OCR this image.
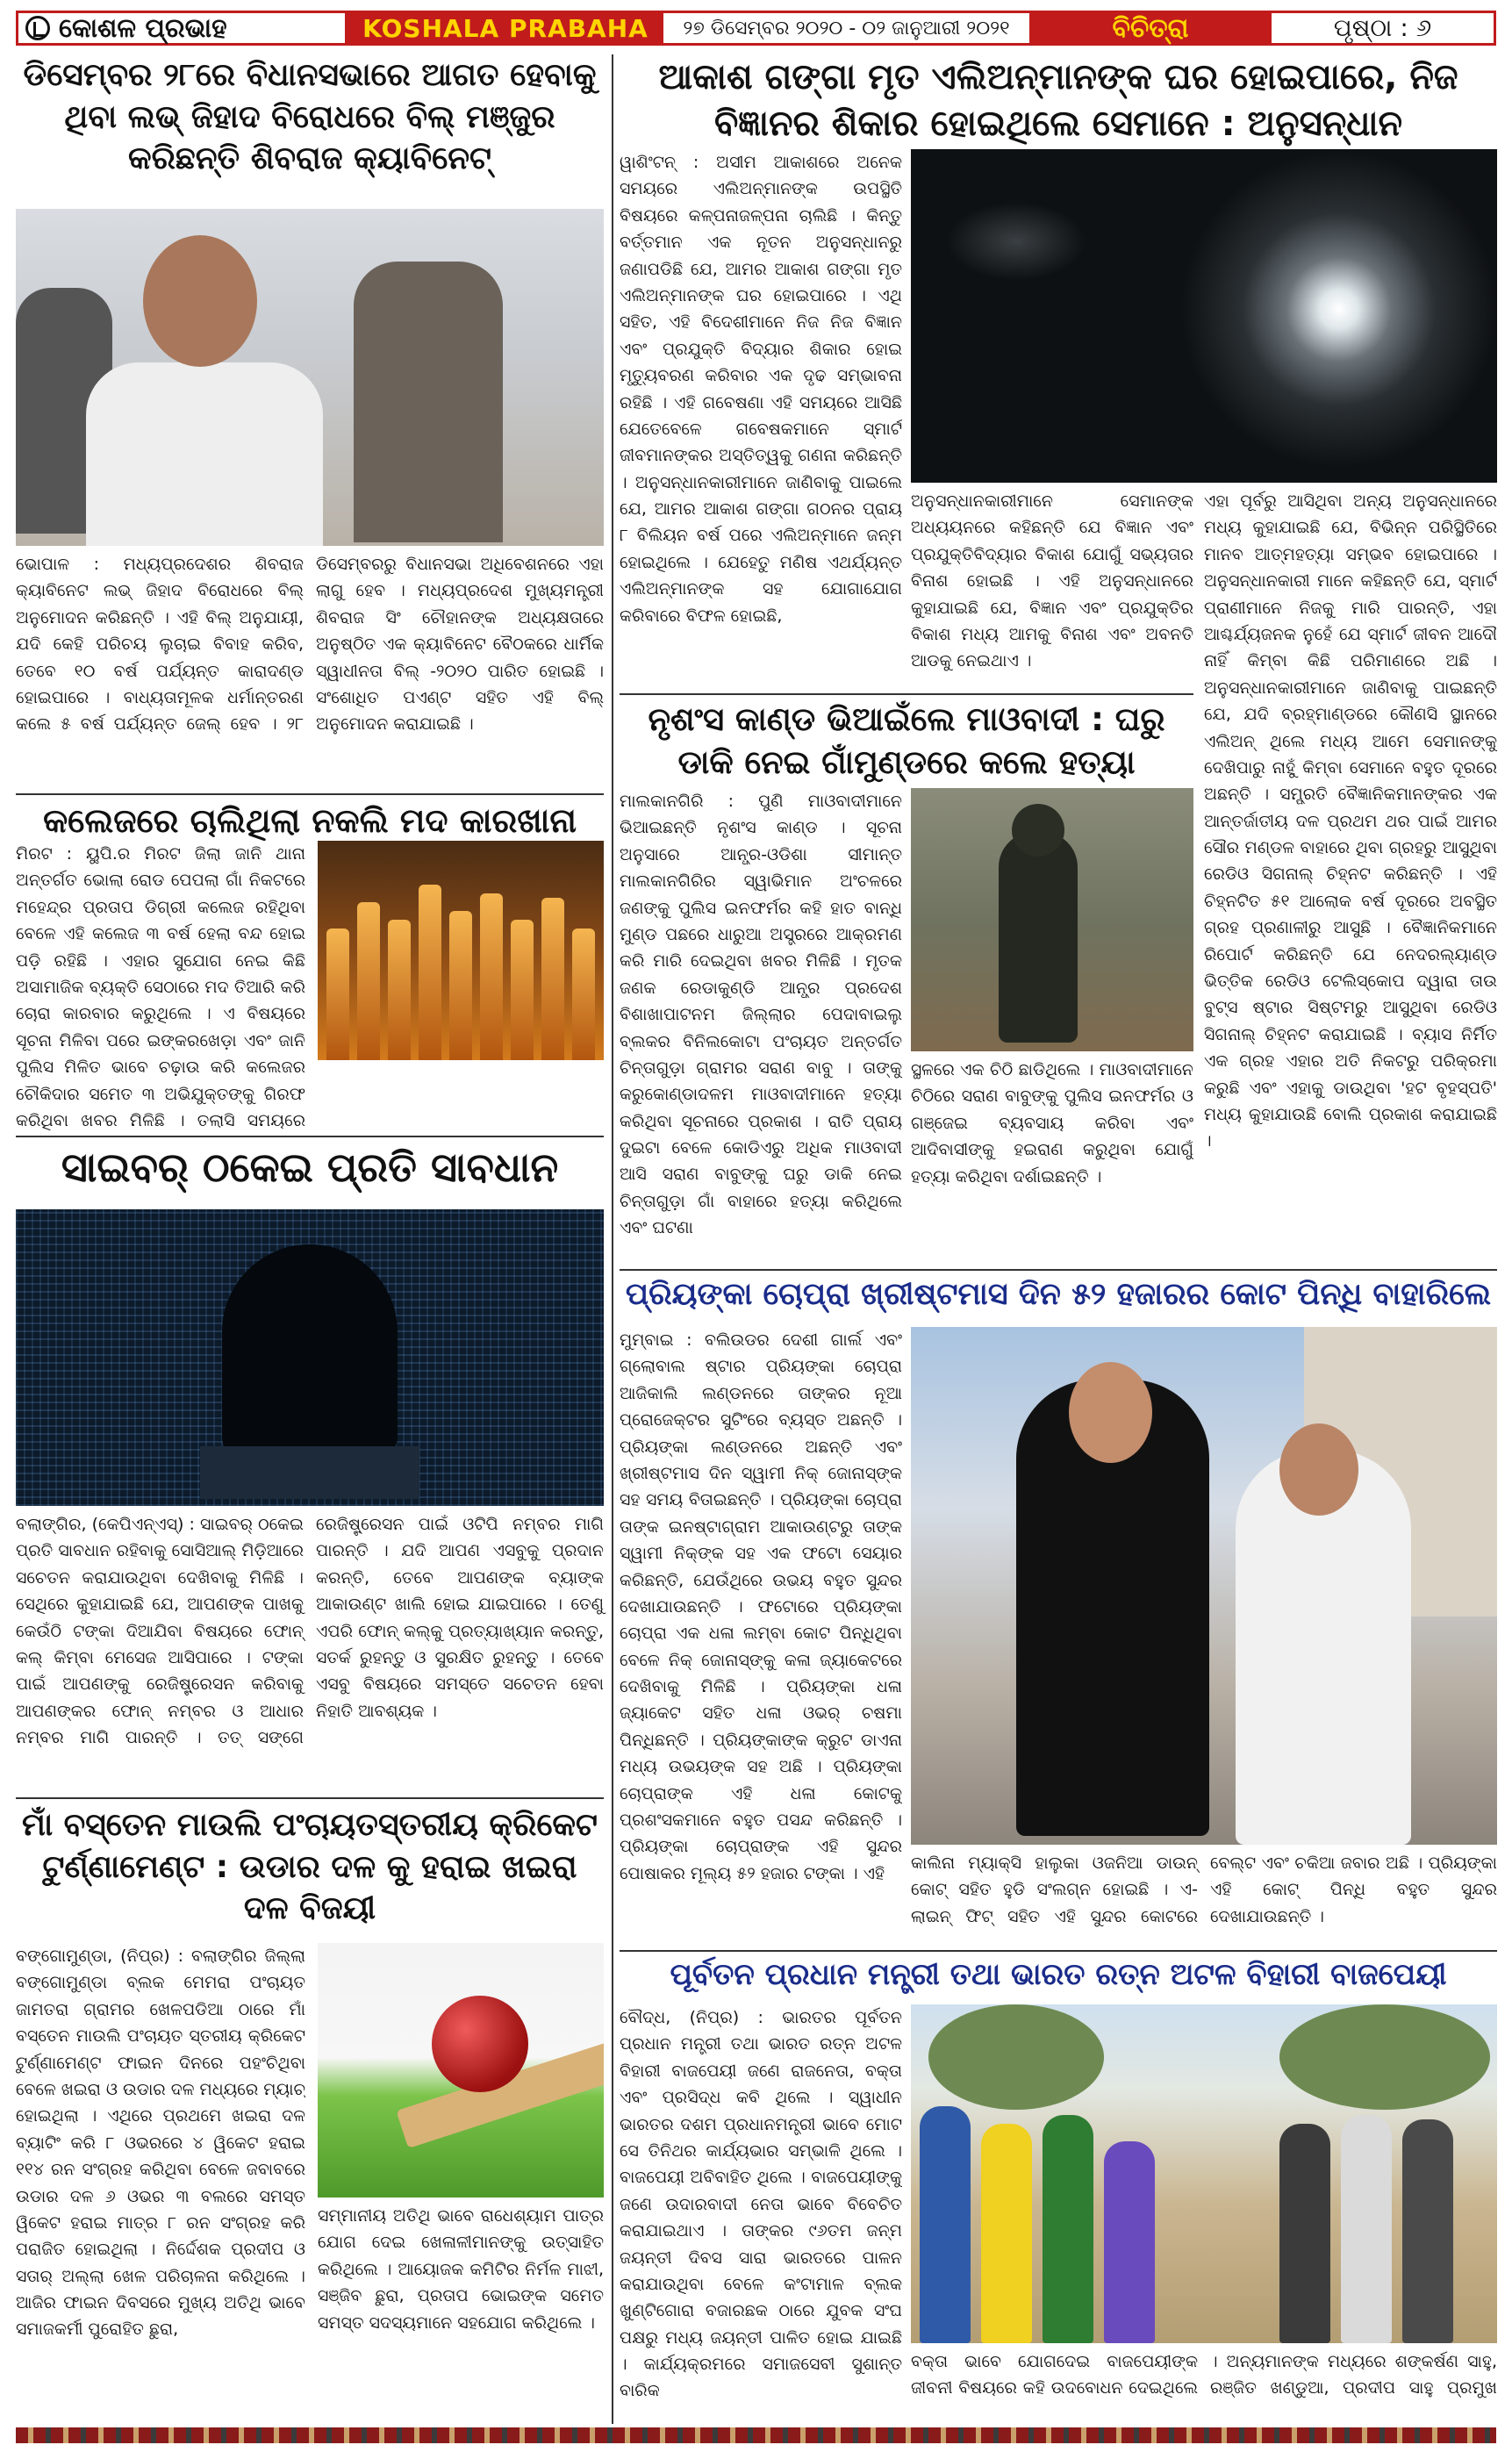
କୋଶଳ ପ୍ରଭାହ	KOSHALA PRABAHA	୨୭ ଡିସେମ୍ବର ୨୦୨୦ - ୦୨ ଜାନୁଆରୀ ୨୦୨୧	ବିଚିତ୍ରା	ପୃଷ୍ଠା : ୬
ଡିସେମ୍ବର ୨୮ରେ ବିଧାନସଭାରେ ଆଗତ ହେବାକୁ ଥିବା ଲଭ୍ ଜିହାଦ ବିରୋଧରେ ବିଲ୍ ମଞ୍ଜୁର କରିଛନ୍ତି ଶିବରାଜ କ୍ୟାବିନେଟ୍
ଭୋପାଳ : ମଧ୍ୟପ୍ରଦେଶର ଶିବରାଜ କ୍ୟାବିନେଟ ଲଭ୍ ଜିହାଦ ବିରୋଧରେ ବିଲ୍ ଅନୁମୋଦନ କରିଛନ୍ତି । ଏହି ବିଲ୍ ଅନୁଯାୟୀ, ଯଦି କେହି ପରିଚୟ ଲୁଚାଇ ବିବାହ କରିବ, ତେବେ ୧୦ ବର୍ଷ ପର୍ଯ୍ୟନ୍ତ କାରାଦଣ୍ଡ ହୋଇପାରେ । ବାଧ୍ୟତାମୂଳକ ଧର୍ମାନ୍ତରଣ କଲେ ୫ ବର୍ଷ ପର୍ଯ୍ୟନ୍ତ ଜେଲ୍ ହେବ । ୨୮ ଡିସେମ୍ବରରୁ ବିଧାନସଭା ଅଧିବେଶନରେ ଏହା ଲାଗୁ ହେବ । ମଧ୍ୟପ୍ରଦେଶ ମୁଖ୍ୟମନ୍ତ୍ରୀ ଶିବରାଜ ସିଂ ଚୌହାନଙ୍କ ଅଧ୍ୟକ୍ଷତାରେ ଅନୁଷ୍ଠିତ ଏକ କ୍ୟାବିନେଟ ବୈଠକରେ ଧାର୍ମିକ ସ୍ୱାଧୀନତା ବିଲ୍ -୨୦୨୦ ପାରିତ ହୋଇଛି । ସଂଶୋଧିତ ପଏଣ୍ଟ ସହିତ ଏହି ବିଲ୍ ଅନୁମୋଦନ କରାଯାଇଛି ।
କଲେଜରେ ଚାଲିଥିଲା ନକଲି ମଦ କାରଖାନା
ମିରଟ : ୟୁପି.ର ମିରଟ ଜିଲା ଜାନି ଥାନା ଅନ୍ତର୍ଗତ ଭୋଲା ରୋଡ ପେପଲା ଗାଁ ନିକଟରେ ମହେନ୍ଦ୍ର ପ୍ରତାପ ଡିଗ୍ରୀ କଲେଜ ରହିଥିବା ବେଳେ ଏହି କଲେଜ ୩ ବର୍ଷ ହେଲା ବନ୍ଦ ହୋଇ ପଡ଼ି ରହିଛି । ଏହାର ସୁଯୋଗ ନେଇ କିଛି ଅସାମାଜିକ ବ୍ୟକ୍ତି ସେଠାରେ ମଦ ତିଆରି କରି ଚୋରା କାରବାର କରୁଥିଲେ । ଏ ବିଷୟରେ ସୂଚନା ମିଳିବା ପରେ ଇଙ୍କରଖେଡ଼ା ଏବଂ ଜାନି ପୁଲିସ ମିଳିତ ଭାବେ ଚଢ଼ାଉ କରି କଲେଜର ଚୌକିଦାର ସମେତ ୩ ଅଭିଯୁକ୍ତଙ୍କୁ ଗିରଫ କରିଥିବା ଖବର ମିଳିଛି । ତଲାସି ସମୟରେ
ସାଇବର୍ ଠକେଇ ପ୍ରତି ସାବଧାନ
ବଲାଙ୍ଗିର, (କେପିଏନ୍‌ଏସ୍) : ସାଇବର୍ ଠକେଇ ପ୍ରତି ସାବଧାନ ରହିବାକୁ ସୋସିଆଲ୍ ମିଡ଼ିଆରେ ସଚେତନ କରାଯାଉଥିବା ଦେଖିବାକୁ ମିଳିଛି । ସେଥିରେ କୁହାଯାଇଛି ଯେ, ଆପଣଙ୍କ ପାଖକୁ କେଉଁଠି ଟଙ୍କା ଦିଆଯିବା ବିଷୟରେ ଫୋନ୍ କଲ୍ କିମ୍ବା ମେସେଜ ଆସିପାରେ । ଟଙ୍କା ପାଇଁ ଆପଣଙ୍କୁ ରେଜିଷ୍ଟ୍ରେସନ କରିବାକୁ ଆପଣଙ୍କର ଫୋନ୍ ନମ୍ବର ଓ ଆଧାର ନମ୍ବର ମାଗି ପାରନ୍ତି । ତତ୍ ସଙ୍ଗେ ରେଜିଷ୍ଟ୍ରେସନ ପାଇଁ ଓଟିପି ନମ୍ବର ମାଗି ପାରନ୍ତି । ଯଦି ଆପଣ ଏସବୁକୁ ପ୍ରଦାନ କରନ୍ତି, ତେବେ ଆପଣଙ୍କ ବ୍ୟାଙ୍କ ଆକାଉଣ୍ଟ ଖାଲି ହୋଇ ଯାଇପାରେ । ତେଣୁ ଏପରି ଫୋନ୍ କଲ୍‌କୁ ପ୍ରତ୍ୟାଖ୍ୟାନ କରନ୍ତୁ, ସତର୍କ ରୁହନ୍ତୁ ଓ ସୁରକ୍ଷିତ ରୁହନ୍ତୁ । ତେବେ ଏସବୁ ବିଷୟରେ ସମସ୍ତେ ସଚେତନ ହେବା ନିହାତି ଆବଶ୍ୟକ ।
ମାଁ ବସ୍ତେନ ମାଉଲି ପଂଚାୟତସ୍ତରୀୟ କ୍ରିକେଟ ଟୁର୍ଣ୍ଣାମେଣ୍ଟ : ଉଡାର ଦଳ କୁ ହରାଇ ଖଇରା ଦଳ ବିଜୟୀ
ବଙ୍ଗୋମୁଣ୍ଡା, (ନିପ୍ର) : ବଲାଙ୍ଗିର ଜିଲ୍ଲା ବଙ୍ଗୋମୁଣ୍ଡା ବ୍ଲକ ମେମରା ପଂଚାୟତ ଜାମତରା ଗ୍ରାମର ଖେଳପଡିଆ ଠାରେ ମାଁ ବସ୍ତେନ ମାଉଲି ପଂଚାୟତ ସ୍ତରୀୟ କ୍ରିକେଟ ଟୁର୍ଣ୍ଣାମେଣ୍ଟ ଫାଇନ ଦିନରେ ପହଂଚିଥିବା ବେଳେ ଖଇରା ଓ ଉଡାର ଦଳ ମଧ୍ୟରେ ମ୍ୟାଚ୍ ହୋଇଥିଲା । ଏଥିରେ ପ୍ରଥମେ ଖଇରା ଦଳ ବ୍ୟାଟିଂ କରି ୮ ଓଭରରେ ୪ ୱିକେଟ ହରାଇ ୧୧୪ ରନ ସଂଗ୍ରହ କରିଥିବା ବେଳେ ଜବାବରେ ଉଡାର ଦଳ ୬ ଓଭର ୩ ବଲରେ ସମସ୍ତ ୱିକେଟ ହରାଇ ମାତ୍ର ୮ ରନ ସଂଗ୍ରହ କରି ପରାଜିତ ହୋଇଥିଲା । ନିର୍ଦ୍ଦେଶକ ପ୍ରଦୀପ ଓ ସତାର୍ ଅଲ୍ଲା ଖେଳ ପରିଚାଳନା କରିଥିଲେ । ଆଜିର ଫାଇନ ଦିବସରେ ମୁଖ୍ୟ ଅତିଥି ଭାବେ ସମାଜକର୍ମୀ ପୁରୋହିତ ଛୁରା,
ସମ୍ମାନୀୟ ଅତିଥି ଭାବେ ରାଧେଶ୍ୟାମ ପାତ୍ର ଯୋଗ ଦେଇ ଖେଳାଳୀମାନଙ୍କୁ ଉତ୍ସାହିତ କରିଥିଲେ । ଆୟୋଜକ କମିଟିର ନିର୍ମଳ ମାଝୀ, ସଞ୍ଜିବ ଛୁରା, ପ୍ରତାପ ଭୋଇଙ୍କ ସମେତ ସମସ୍ତ ସଦସ୍ୟମାନେ ସହଯୋଗ କରିଥିଲେ ।
ଆକାଶ ଗଙ୍ଗା ମୃତ ଏଲିଅନ୍‌ମାନଙ୍କ ଘର ହୋଇପାରେ, ନିଜ ବିଜ୍ଞାନର ଶିକାର ହୋଇଥିଲେ ସେମାନେ : ଅନୁସନ୍ଧାନ
ୱାଶିଂଟନ୍ : ଅସୀମ ଆକାଶରେ ଅନେକ ସମୟରେ ଏଲିଅନ୍‌ମାନଙ୍କ ଉପସ୍ଥିତି ବିଷୟରେ କଳ୍ପନାଜଳ୍ପନା ଚାଲିଛି । କିନ୍ତୁ ବର୍ତ୍ତମାନ ଏକ ନୂତନ ଅନୁସନ୍ଧାନରୁ ଜଣାପଡିଛି ଯେ, ଆମର ଆକାଶ ଗଙ୍ଗା ମୃତ ଏଲିଅନ୍‌ମାନଙ୍କ ଘର ହୋଇପାରେ । ଏଥି ସହିତ, ଏହି ବିଦେଶୀମାନେ ନିଜ ନିଜ ବିଜ୍ଞାନ ଏବଂ ପ୍ରଯୁକ୍ତି ବିଦ୍ୟାର ଶିକାର ହୋଇ ମୃତ୍ୟୁବରଣ କରିବାର ଏକ ଦୃଢ ସମ୍ଭାବନା ରହିଛି । ଏହି ଗବେଷଣା ଏହି ସମୟରେ ଆସିଛି ଯେତେବେଳେ ଗବେଷକମାନେ ସ୍ମାର୍ଟ ଜୀବମାନଙ୍କର ଅସ୍ତିତ୍ୱକୁ ଗଣନା କରିଛନ୍ତି । ଅନୁସନ୍ଧାନକାରୀମାନେ ଜାଣିବାକୁ ପାଇଲେ ଯେ, ଆମର ଆକାଶ ଗଙ୍ଗା ଗଠନର ପ୍ରାୟ ୮ ବିଲିୟନ ବର୍ଷ ପରେ ଏଲିଅନ୍‌ମାନେ ଜନ୍ମ ହୋଇଥିଲେ । ଯେହେତୁ ମଣିଷ ଏଥର୍ଯ୍ୟନ୍ତ ଏଲିଅନ୍‌ମାନଙ୍କ ସହ ଯୋଗାଯୋଗ କରିବାରେ ବିଫଳ ହୋଇଛି,
ଅନୁସନ୍ଧାନକାରୀମାନେ ସେମାନଙ୍କ ଅଧ୍ୟୟନରେ କହିଛନ୍ତି ଯେ ବିଜ୍ଞାନ ଏବଂ ପ୍ରଯୁକ୍ତିବିଦ୍ୟାର ବିକାଶ ଯୋଗୁଁ ସଭ୍ୟତାର ବିନାଶ ହୋଇଛି । ଏହି ଅନୁସନ୍ଧାନରେ କୁହାଯାଇଛି ଯେ, ବିଜ୍ଞାନ ଏବଂ ପ୍ରଯୁକ୍ତିର ବିକାଶ ମଧ୍ୟ ଆମକୁ ବିନାଶ ଏବଂ ଅବନତି ଆଡକୁ ନେଇଥାଏ ।
ଏହା ପୂର୍ବରୁ ଆସିଥିବା ଅନ୍ୟ ଅନୁସନ୍ଧାନରେ ମଧ୍ୟ କୁହାଯାଇଛି ଯେ, ବିଭିନ୍ନ ପରିସ୍ଥିତିରେ ମାନବ ଆତ୍ମହତ୍ୟା ସମ୍ଭବ ହୋଇପାରେ । ଅନୁସନ୍ଧାନକାରୀ ମାନେ କହିଛନ୍ତି ଯେ, ସ୍ମାର୍ଟ ପ୍ରାଣୀମାନେ ନିଜକୁ ମାରି ପାରନ୍ତି, ଏହା ଆଶ୍ଚର୍ଯ୍ୟଜନକ ନୁହେଁ ଯେ ସ୍ମାର୍ଟ ଜୀବନ ଆଦୌ ନାହିଁ କିମ୍ବା କିଛି ପରିମାଣରେ ଅଛି । ଅନୁସନ୍ଧାନକାରୀମାନେ ଜାଣିବାକୁ ପାଇଛନ୍ତି ଯେ, ଯଦି ବ୍ରହ୍ମାଣ୍ଡରେ କୌଣସି ସ୍ଥାନରେ ଏଲିଅନ୍ ଥିଲେ ମଧ୍ୟ ଆମେ ସେମାନଙ୍କୁ ଦେଖିପାରୁ ନାହୁଁ କିମ୍ବା ସେମାନେ ବହୁତ ଦୂରରେ ଅଛନ୍ତି । ସମ୍ପ୍ରତି ବୈଜ୍ଞାନିକମାନଙ୍କର ଏକ ଆନ୍ତର୍ଜାତୀୟ ଦଳ ପ୍ରଥମ ଥର ପାଇଁ ଆମର ସୌର ମଣ୍ଡଳ ବାହାରେ ଥିବା ଗ୍ରହରୁ ଆସୁଥିବା ରେଡିଓ ସିଗନାଲ୍ ଚିହ୍ନଟ କରିଛନ୍ତି । ଏହି ଚିହ୍ନଟିତ ୫୧ ଆଲୋକ ବର୍ଷ ଦୂରରେ ଅବସ୍ଥିତ ଗ୍ରହ ପ୍ରଣାଳୀରୁ ଆସୁଛି । ବୈଜ୍ଞାନିକମାନେ ରିପୋର୍ଟ କରିଛନ୍ତି ଯେ ନେଦରଲ୍ୟାଣ୍ଡ ଭିତ୍ତିକ ରେଡିଓ ଟେଲିସ୍କୋପ ଦ୍ୱାରା ତାଉ ବୁଟ୍ସ ଷ୍ଟାର ସିଷ୍ଟମରୁ ଆସୁଥିବା ରେଡିଓ ସିଗନାଲ୍ ଚିହ୍ନଟ କରାଯାଇଛି । ବ୍ୟାସ ନିର୍ମିତ ଏକ ଗ୍ରହ ଏହାର ଅତି ନିକଟରୁ ପରିକ୍ରମା କରୁଛି ଏବଂ ଏହାକୁ ଡାଉଥିବା 'ହଟ ବୃହସ୍ପତି' ମଧ୍ୟ କୁହାଯାଉଛି ବୋଲି ପ୍ରକାଶ କରାଯାଇଛି ।
ନୃଶଂସ କାଣ୍ଡ ଭିଆଇଁଲେ ମାଓବାଦୀ : ଘରୁ ଡାକି ନେଇ ଗାଁମୁଣ୍ଡରେ କଲେ ହତ୍ୟା
ମାଲକାନଗିରି : ପୁଣି ମାଓବାଦୀମାନେ ଭିଆଇଛନ୍ତି ନୃଶଂସ କାଣ୍ଡ । ସୂଚନା ଅନୁସାରେ ଆନ୍ଧ୍ର-ଓଡିଶା ସୀମାନ୍ତ ମାଲକାନଗିରିର ସ୍ୱାଭିମାନ ଅଂଚଳରେ ଜଣଙ୍କୁ ପୁଲିସ ଇନଫର୍ମର କହି ହାତ ବାନ୍ଧି ମୁଣ୍ଡ ପଛରେ ଧାରୁଆ ଅସ୍ତ୍ରରେ ଆକ୍ରମଣ କରି ମାରି ଦେଇଥିବା ଖବର ମିଳିଛି । ମୃତକ ଜଣକ ରେଡାକୁଣ୍ଡି ଆନ୍ଧ୍ର ପ୍ରଦେଶ ବିଶାଖାପାଟନମ ଜିଲ୍ଲାର ପେଦାବାଇଲୁ ବ୍ଲକର ବିନିଲକୋଟା ପଂଚାୟତ ଅନ୍ତର୍ଗତ ଚିନ୍ତାଗୁଡ଼ା ଗ୍ରାମର ସରାଣ ବାବୁ । ତାଙ୍କୁ କରୁକୋଣ୍ଡାଦଳମ ମାଓବାଦୀମାନେ ହତ୍ୟା କରିଥିବା ସୂଚନାରେ ପ୍ରକାଶ । ରାତି ପ୍ରାୟ ଦୁଇଟା ବେଳେ କୋଡିଏରୁ ଅଧିକ ମାଓବାଦୀ ଆସି ସରାଣ ବାବୁଙ୍କୁ ଘରୁ ଡାକି ନେଇ ଚିନ୍ତାଗୁଡ଼ା ଗାଁ ବାହାରେ ହତ୍ୟା କରିଥିଲେ ଏବଂ ଘଟଣା
ସ୍ଥଳରେ ଏକ ଚିଠି ଛାଡିଥିଲେ । ମାଓବାଦୀମାନେ ଚିଠିରେ ସରାଣ ବାବୁଙ୍କୁ ପୁଲିସ ଇନଫର୍ମର ଓ ଗଞ୍ଜେଇ ବ୍ୟବସାୟ କରିବା ଏବଂ ଆଦିବାସୀଙ୍କୁ ହଇରାଣ କରୁଥିବା ଯୋଗୁଁ ହତ୍ୟା କରିଥିବା ଦର୍ଶାଇଛନ୍ତି ।
ପ୍ରିୟଙ୍କା ଚୋପ୍ରା ଖ୍ରୀଷ୍ଟମାସ ଦିନ ୫୨ ହଜାରର କୋଟ ପିନ୍ଧି ବାହାରିଲେ
ମୁମ୍ବାଇ : ବଲିଉଡର ଦେଶୀ ଗାର୍ଲ ଏବଂ ଗ୍ଲୋବାଲ ଷ୍ଟାର ପ୍ରିୟଙ୍କା ଚୋପ୍ରା ଆଜିକାଲି ଲଣ୍ଡନରେ ତାଙ୍କର ନୂଆ ପ୍ରୋଜେକ୍ଟର ସୁଟିଂରେ ବ୍ୟସ୍ତ ଅଛନ୍ତି । ପ୍ରିୟଙ୍କା ଲଣ୍ଡନରେ ଅଛନ୍ତି ଏବଂ ଖ୍ରୀଷ୍ଟମାସ ଦିନ ସ୍ୱାମୀ ନିକ୍ ଜୋନାସ୍‌ଙ୍କ ସହ ସମୟ ବିତାଇଛନ୍ତି । ପ୍ରିୟଙ୍କା ଚୋପ୍ରା ତାଙ୍କ ଇନଷ୍ଟାଗ୍ରାମ ଆକାଉଣ୍ଟରୁ ତାଙ୍କ ସ୍ୱାମୀ ନିକ୍‌ଙ୍କ ସହ ଏକ ଫଟୋ ସେୟାର କରିଛନ୍ତି, ଯେଉଁଥିରେ ଉଭୟ ବହୁତ ସୁନ୍ଦର ଦେଖାଯାଉଛନ୍ତି । ଫଟୋରେ ପ୍ରିୟଙ୍କା ଚୋପ୍ରା ଏକ ଧଳା ଲମ୍ବା କୋଟ ପିନ୍ଧିଥିବା ବେଳେ ନିକ୍ ଜୋନାସ୍‌ଙ୍କୁ କଳା ଜ୍ୟାକେଟରେ ଦେଖିବାକୁ ମିଳିଛି । ପ୍ରିୟଙ୍କା ଧଳା ଜ୍ୟାକେଟ ସହିତ ଧଳା ଓଭର୍ ଚଷମା ପିନ୍ଧିଛନ୍ତି । ପ୍ରିୟଙ୍କାଙ୍କ କ୍ରୁଟ ଡାଏନା ମଧ୍ୟ ଉଭୟଙ୍କ ସହ ଅଛି । ପ୍ରିୟଙ୍କା ଚୋପ୍ରାଙ୍କ ଏହି ଧଳା କୋଟକୁ ପ୍ରଶଂସକମାନେ ବହୁତ ପସନ୍ଦ କରିଛନ୍ତି । ପ୍ରିୟଙ୍କା ଚୋପ୍ରାଙ୍କ ଏହି ସୁନ୍ଦର ପୋଷାକର ମୂଲ୍ୟ ୫୨ ହଜାର ଟଙ୍କା । ଏହି
କାଲିନା ମ୍ୟାକ୍ସି ହାଲୁକା ଓଜନିଆ ଡାଉନ୍ କୋଟ୍ ସହିତ ହୁଡି ସଂଲଗ୍ନ ହୋଇଛି । ଏ-ଲାଇନ୍ ଫିଟ୍ ସହିତ ଏହି ସୁନ୍ଦର କୋଟରେ ବେଲ୍ଟ ଏବଂ ଚକିଆ ଜବାର ଅଛି । ପ୍ରିୟଙ୍କା ଏହି କୋଟ୍ ପିନ୍ଧି ବହୁତ ସୁନ୍ଦର ଦେଖାଯାଉଛନ୍ତି ।
ପୂର୍ବତନ ପ୍ରଧାନ ମନ୍ତ୍ରୀ ତଥା ଭାରତ ରତ୍ନ ଅଟଳ ବିହାରୀ ବାଜପେୟୀ
ବୌଦ୍ଧ, (ନିପ୍ର) : ଭାରତର ପୂର୍ବତନ ପ୍ରଧାନ ମନ୍ତ୍ରୀ ତଥା ଭାରତ ରତ୍ନ ଅଟଳ ବିହାରୀ ବାଜପେୟୀ ଜଣେ ରାଜନେତା, ବକ୍ତା ଏବଂ ପ୍ରସିଦ୍ଧ କବି ଥିଲେ । ସ୍ୱାଧୀନ ଭାରତର ଦଶମ ପ୍ରଧାନମନ୍ତ୍ରୀ ଭାବେ ମୋଟ ସେ ତିନିଥର କାର୍ଯ୍ୟଭାର ସମ୍ଭାଳି ଥିଲେ । ବାଜପେୟୀ ଅବିବାହିତ ଥିଲେ । ବାଜପେୟୀଙ୍କୁ ଜଣେ ଉଦାରବାଦୀ ନେତା ଭାବେ ବିବେଚିତ କରାଯାଇଥାଏ । ତାଙ୍କର ୯୬ତମ ଜନ୍ମ ଜୟନ୍ତୀ ଦିବସ ସାରା ଭାରତରେ ପାଳନ କରାଯାଉଥିବା ବେଳେ କଂଟାମାଳ ବ୍ଲକ ଖୁଣ୍ଟିଗୋରା ବଜାରଛକ ଠାରେ ଯୁବକ ସଂଘ ପକ୍ଷରୁ ମଧ୍ୟ ଜୟନ୍ତୀ ପାଳିତ ହୋଇ ଯାଇଛି । କାର୍ଯ୍ୟକ୍ରମରେ ସମାଜସେବୀ ସୁଶାନ୍ତ ବାରିକ
ବକ୍ତା ଭାବେ ଯୋଗଦେଇ ବାଜପେୟୀଙ୍କ ଜୀବନୀ ବିଷୟରେ କହି ଉଦବୋଧନ ଦେଇଥିଲେ । ଅନ୍ୟମାନଙ୍କ ମଧ୍ୟରେ ଶଙ୍କର୍ଷଣ ସାହୁ, ରଞ୍ଜିତ ଖଣ୍ଡୁଆ, ପ୍ରଦୀପ ସାହୁ ପ୍ରମୁଖ
